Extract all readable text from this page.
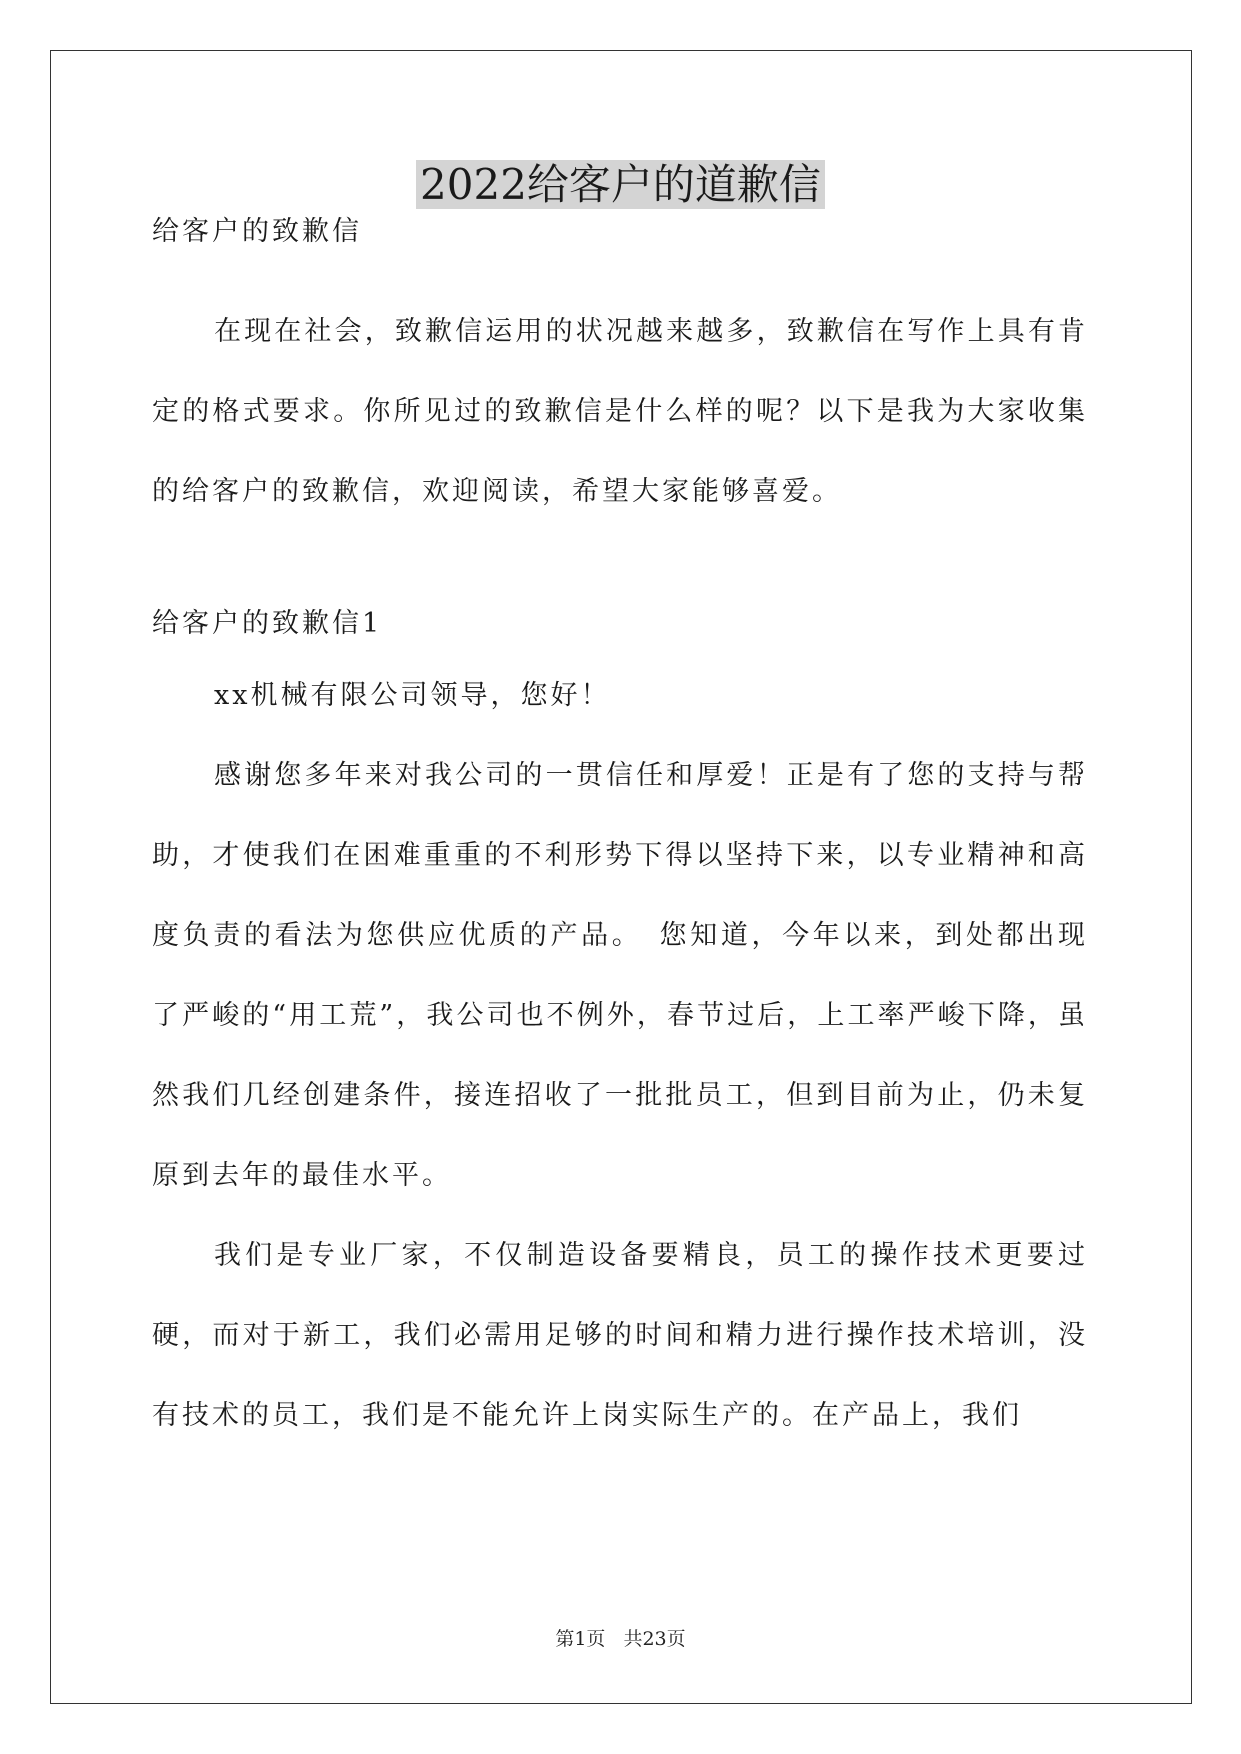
2022给客户的道歉信
给客户的致歉信

在现在社会，致歉信运用的状况越来越多，致歉信在写作上具有肯定的格式要求。你所见过的致歉信是什么样的呢？以下是我为大家收集的给客户的致歉信，欢迎阅读，希望大家能够喜爱。

给客户的致歉信1

xx机械有限公司领导，您好！

感谢您多年来对我公司的一贯信任和厚爱！正是有了您的支持与帮助，才使我们在困难重重的不利形势下得以坚持下来，以专业精神和高度负责的看法为您供应优质的产品。　您知道，今年以来，到处都出现了严峻的“用工荒”，我公司也不例外，春节过后，上工率严峻下降，虽然我们几经创建条件，接连招收了一批批员工，但到目前为止，仍未复原到去年的最佳水平。

我们是专业厂家，不仅制造设备要精良，员工的操作技术更要过硬，而对于新工，我们必需用足够的时间和精力进行操作技术培训，没有技术的员工，我们是不能允许上岗实际生产的。在产品上，我们

第1页 共23页
